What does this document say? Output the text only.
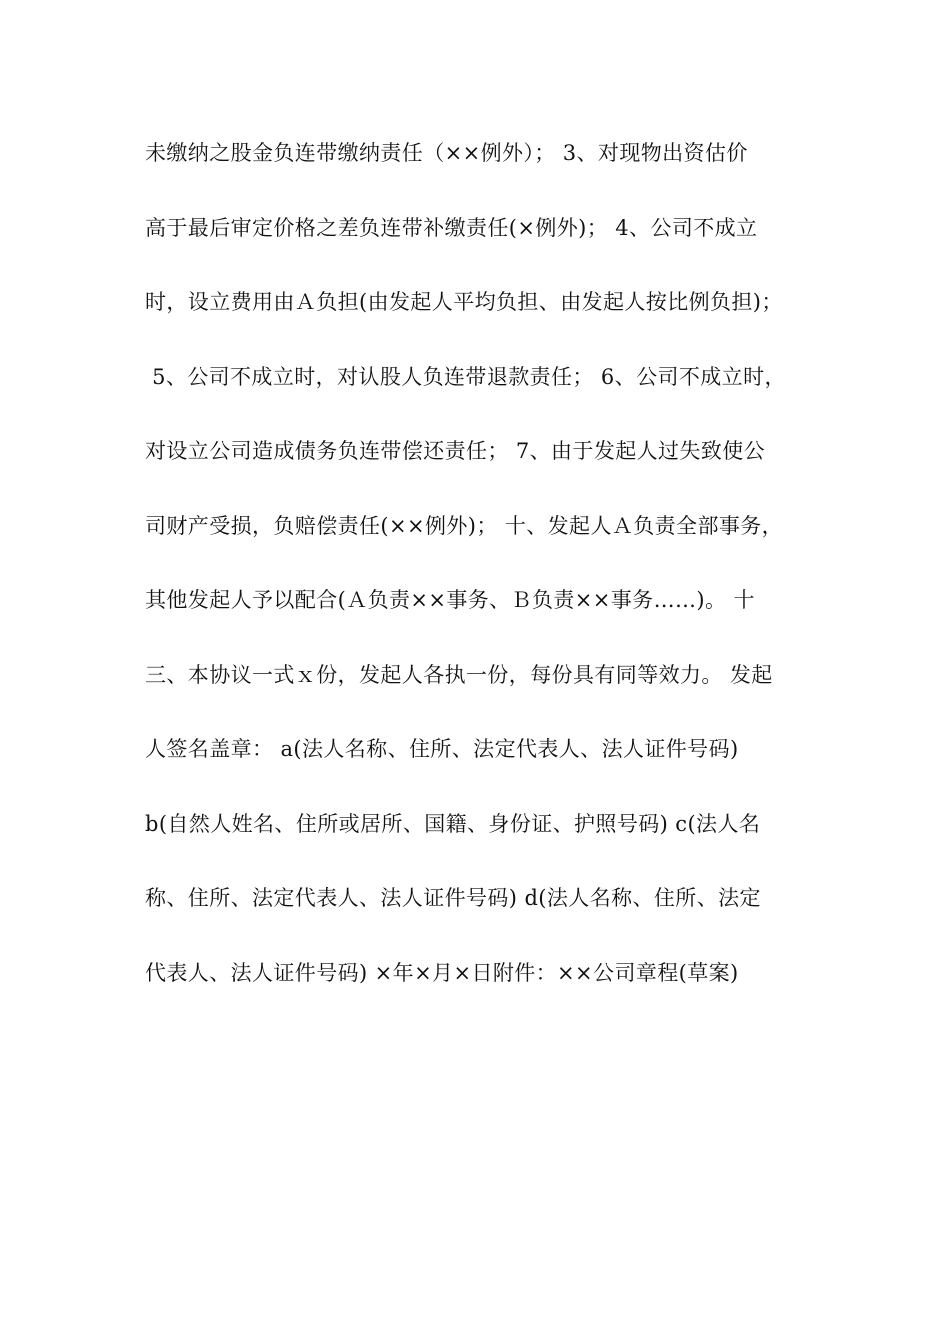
未缴纳之股金负连带缴纳责任（××例外）； 3、对现物出资估价
高于最后审定价格之差负连带补缴责任(×例外)； 4、公司不成立
时，设立费用由Ａ负担(由发起人平均负担、由发起人按比例负担)；
5、公司不成立时，对认股人负连带退款责任； 6、公司不成立时，
对设立公司造成债务负连带偿还责任； 7、由于发起人过失致使公
司财产受损，负赔偿责任(××例外)； 十、发起人Ａ负责全部事务，
其他发起人予以配合(Ａ负责××事务、Ｂ负责××事务……)。 十
三、本协议一式ｘ份，发起人各执一份，每份具有同等效力。 发起
人签名盖章： a(法人名称、住所、法定代表人、法人证件号码)
b(自然人姓名、住所或居所、国籍、身份证、护照号码) c(法人名
称、住所、法定代表人、法人证件号码) d(法人名称、住所、法定
代表人、法人证件号码) ×年×月×日附件：××公司章程(草案)
